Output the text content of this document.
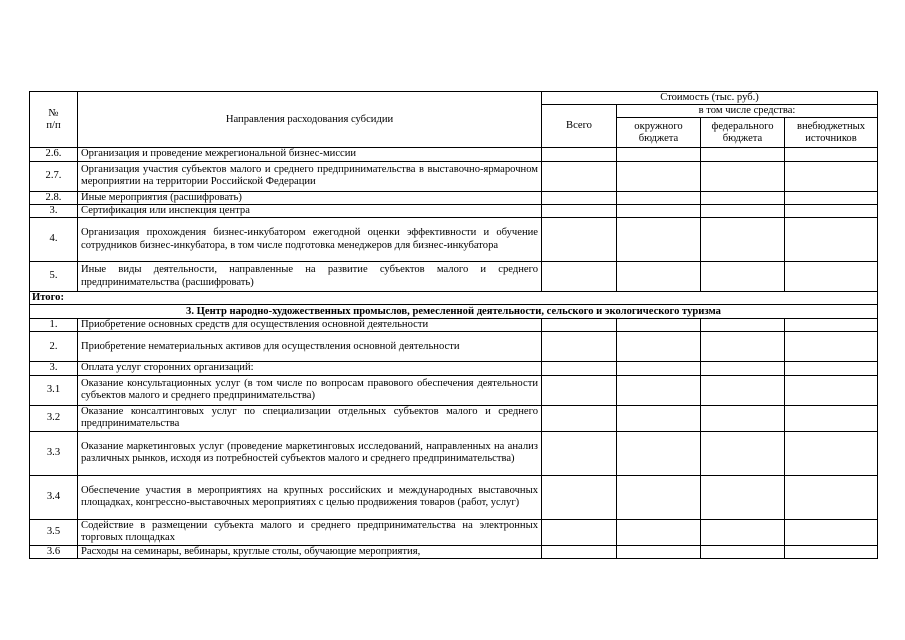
№
п/п	Направления расходования субсидии	Стоимость (тыс. руб.)			
		Всего	в том числе средства:		
			окружного бюджета	федерального бюджета	внебюджетных источников
2.6.	Организация и проведение межрегиональной бизнес-миссии				
2.7.	Организация участия субъектов малого и среднего предпринимательства в выставочно-ярмарочном мероприятии на территории Российской Федерации				
2.8.	Иные мероприятия (расшифровать)				
3.	Сертификация или инспекция центра				
4.	Организация прохождения бизнес-инкубатором ежегодной оценки эффективности и обучение сотрудников бизнес-инкубатора, в том числе подготовка менеджеров для бизнес-инкубатора				
5.	Иные виды деятельности, направленные на развитие субъектов малого и среднего предпринимательства (расшифровать)				
Итого:					
3. Центр народно-художественных промыслов, ремесленной деятельности, сельского и экологического туризма					
1.	Приобретение основных средств для осуществления основной деятельности				
2.	Приобретение нематериальных активов для осуществления основной деятельности				
3.	Оплата услуг сторонних организаций:				
3.1	Оказание консультационных услуг (в том числе по вопросам правового обеспечения деятельности субъектов малого и среднего предпринимательства)				
3.2	Оказание консалтинговых услуг по специализации отдельных субъектов малого и среднего предпринимательства				
3.3	Оказание маркетинговых услуг (проведение маркетинговых исследований, направленных на анализ различных рынков, исходя из потребностей субъектов малого и среднего предпринимательства)				
3.4	Обеспечение участия в мероприятиях на крупных российских и международных выставочных площадках, конгрессно-выставочных мероприятиях с целью продвижения товаров (работ, услуг)				
3.5	Содействие в размещении субъекта малого и среднего предпринимательства на электронных торговых площадках				
3.6	Расходы на семинары, вебинары, круглые столы, обучающие мероприятия,				
